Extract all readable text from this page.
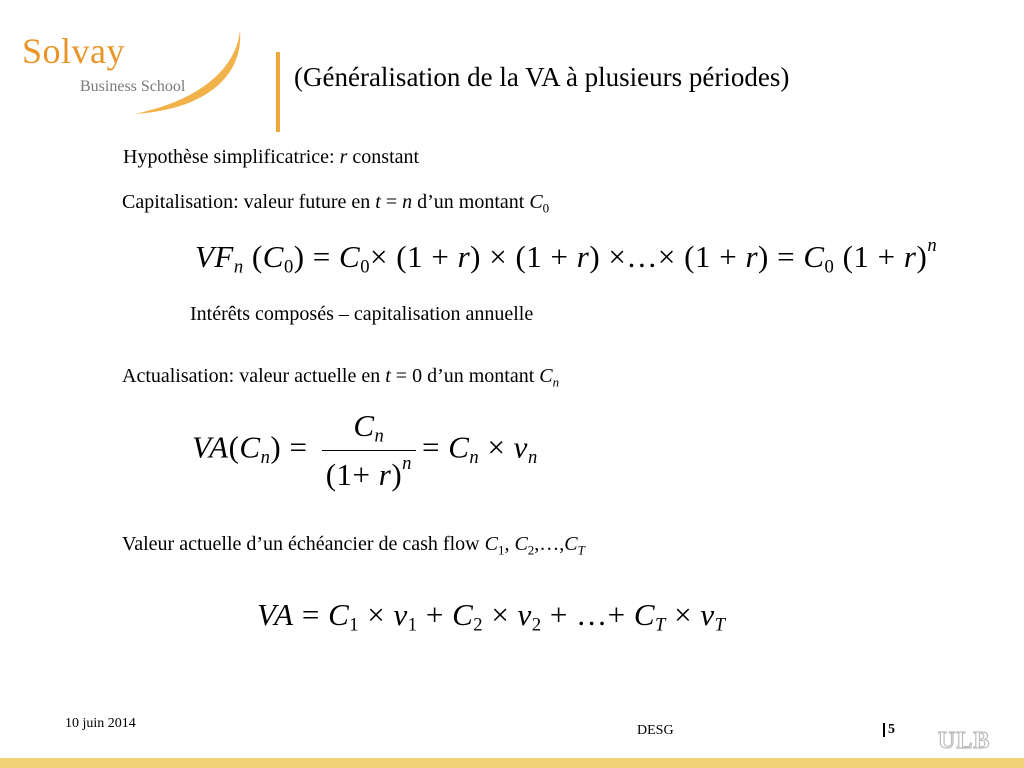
Solvay
Business School	(Généralisation de la VA à plusieurs périodes)
Hypothèse simplificatrice: r constant
Capitalisation: valeur future en t = n d’un montant $C_0$
$VF_n$ $(C_0) = C_0\times (1 + r) \times (1 + r)$ ×…× $(1 + r) = C_0$ $(1 + r)^n$
Intérêts composés – capitalisation annuelle
Actualisation: valeur actuelle en t = 0 d’un montant $C_n$
$VA(C_n) = \frac{C_n}{(1+ r)^n} = C_n \times v_n$
Valeur actuelle d’un échéancier de cash flow $C_1$, $C_2,\dots,C_T$
VA = $C_1 \times v_1 + C_2 \times v_2$ + …+ $C_T \times v_T$
10 juin 2014	DESG	5 ULB
